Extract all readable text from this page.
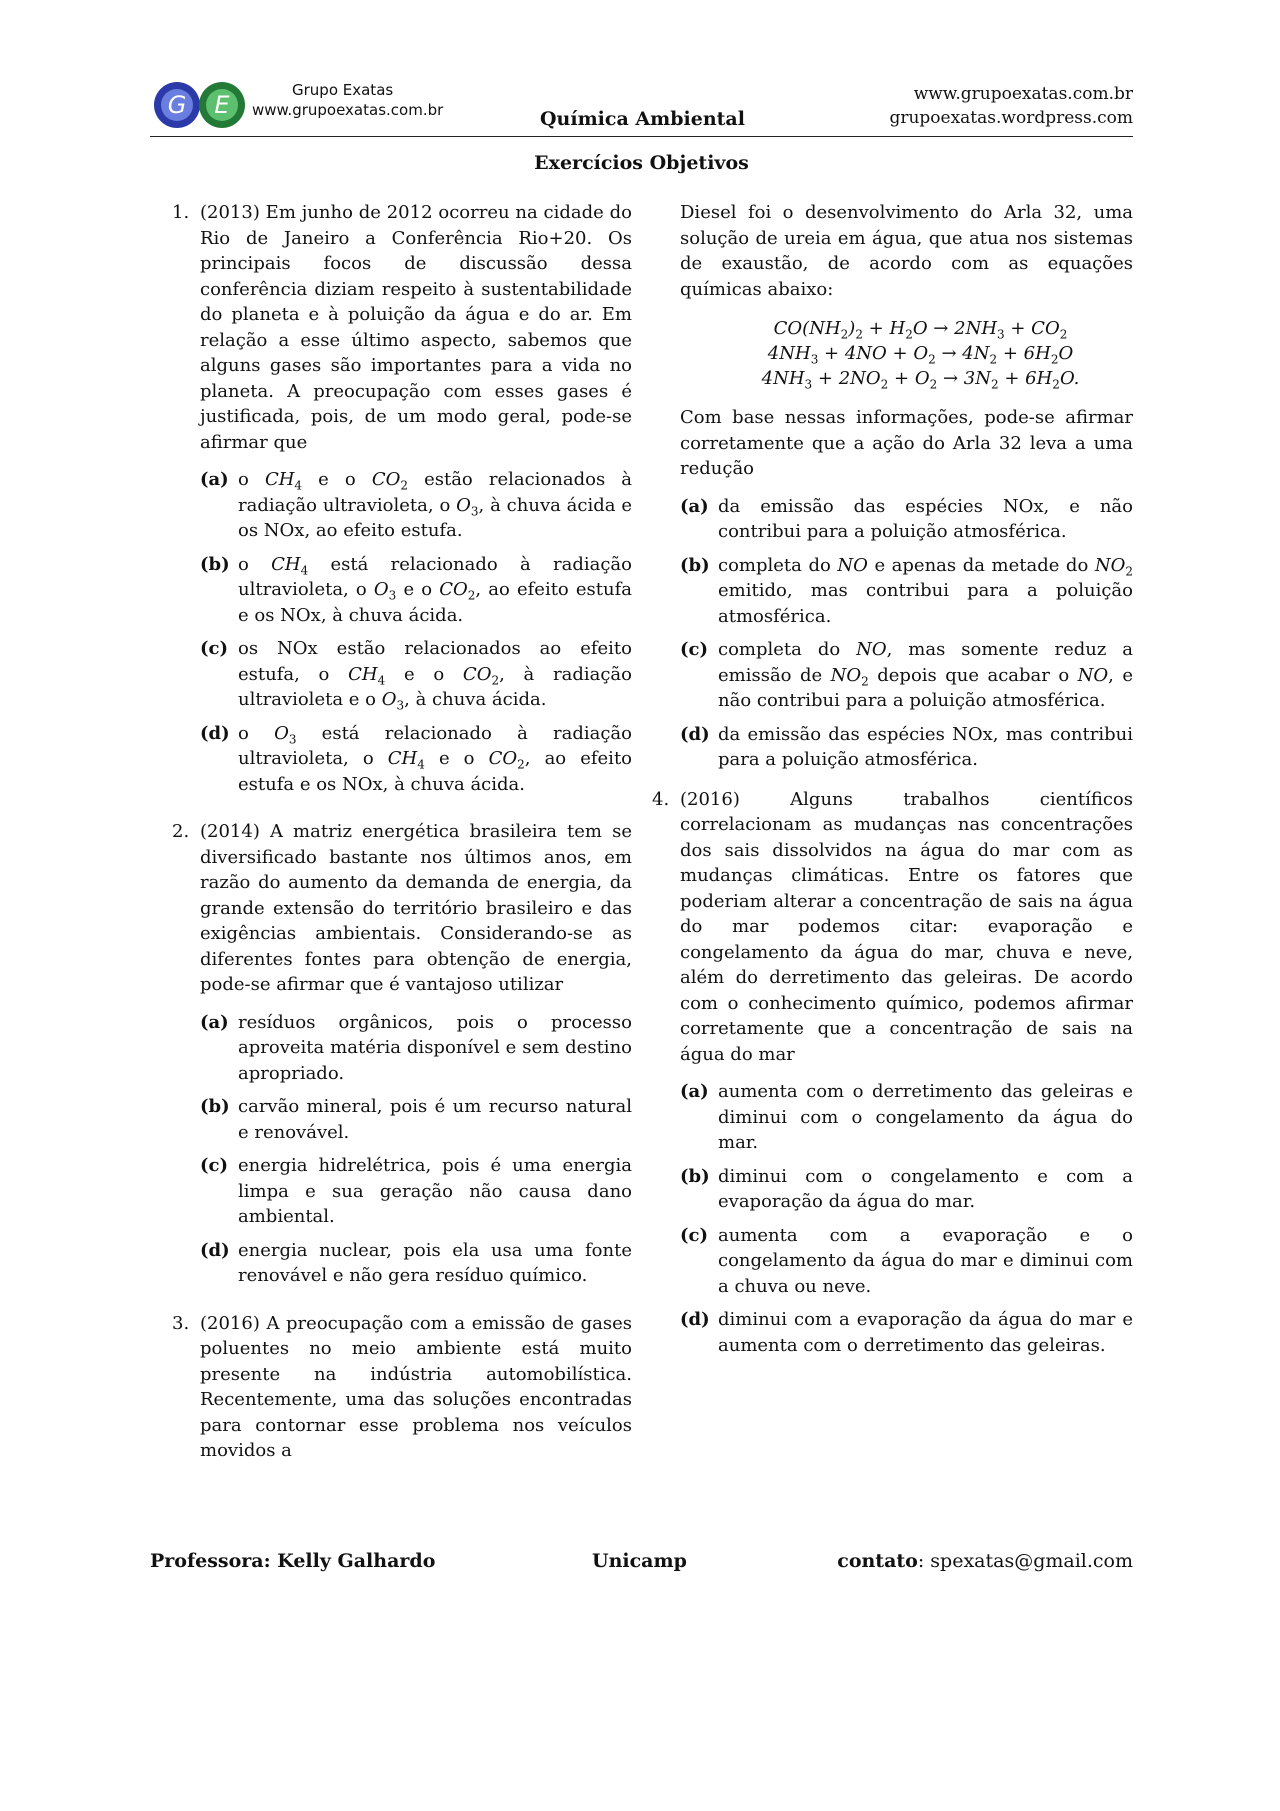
G E
Grupo Exatas
www.grupoexatas.com.br	Química Ambiental
www.grupoexatas.com.br
grupoexatas.wordpress.com
Exercícios Objetivos
1. (2013) Em junho de 2012 ocorreu na cidade do Rio de Janeiro a Conferência Rio+20. Os principais focos de discussão dessa conferência diziam respeito à sustentabilidade do planeta e à poluição da água e do ar. Em relação a esse último aspecto, sabemos que alguns gases são importantes para a vida no planeta. A preocupação com esses gases é justificada, pois, de um modo geral, pode-se afirmar que
(a) o $CH_4$ e o $CO_2$ estão relacionados à radiação ultravioleta, o $O_3$, à chuva ácida e os NOx, ao efeito estufa.
(b) o $CH_4$ está relacionado à radiação ultravioleta, o $O_3$ e o $CO_2$, ao efeito estufa e os NOx, à chuva ácida.
(c) os NOx estão relacionados ao efeito estufa, o $CH_4$ e o $CO_2$, à radiação ultravioleta e o $O_3$, à chuva ácida.
(d) o $O_3$ está relacionado à radiação ultravioleta, o $CH_4$ e o $CO_2$, ao efeito estufa e os NOx, à chuva ácida.
2. (2014) A matriz energética brasileira tem se diversificado bastante nos últimos anos, em razão do aumento da demanda de energia, da grande extensão do território brasileiro e das exigências ambientais. Considerando-se as diferentes fontes para obtenção de energia, pode-se afirmar que é vantajoso utilizar
(a) resíduos orgânicos, pois o processo aproveita matéria disponível e sem destino apropriado.
(b) carvão mineral, pois é um recurso natural e renovável.
(c) energia hidrelétrica, pois é uma energia limpa e sua geração não causa dano ambiental.
(d) energia nuclear, pois ela usa uma fonte renovável e não gera resíduo químico.
3. (2016) A preocupação com a emissão de gases poluentes no meio ambiente está muito presente na indústria automobilística. Recentemente, uma das soluções encontradas para contornar esse problema nos veículos movidos a
Diesel foi o desenvolvimento do Arla 32, uma solução de ureia em água, que atua nos sistemas de exaustão, de acordo com as equações químicas abaixo:
$CO(NH_2)_2 + H_2O \to 2NH_3 + CO_2$
$4NH_3 + 4NO + O_2 \to 4N_2 + 6H_2O$
$4NH_3 + 2NO_2 + O_2 \to 3N_2 + 6H_2O$.
Com base nessas informações, pode-se afirmar corretamente que a ação do Arla 32 leva a uma redução
(a) da emissão das espécies NOx, e não contribui para a poluição atmosférica.
(b) completa do NO e apenas da metade do $NO_2$ emitido, mas contribui para a poluição atmosférica.
(c) completa do NO, mas somente reduz a emissão de $NO_2$ depois que acabar o NO, e não contribui para a poluição atmosférica.
(d) da emissão das espécies NOx, mas contribui para a poluição atmosférica.
4. (2016) Alguns trabalhos científicos correlacionam as mudanças nas concentrações dos sais dissolvidos na água do mar com as mudanças climáticas. Entre os fatores que poderiam alterar a concentração de sais na água do mar podemos citar: evaporação e congelamento da água do mar, chuva e neve, além do derretimento das geleiras. De acordo com o conhecimento químico, podemos afirmar corretamente que a concentração de sais na água do mar
(a) aumenta com o derretimento das geleiras e diminui com o congelamento da água do mar.
(b) diminui com o congelamento e com a evaporação da água do mar.
(c) aumenta com a evaporação e o congelamento da água do mar e diminui com a chuva ou neve.
(d) diminui com a evaporação da água do mar e aumenta com o derretimento das geleiras.
Professora: Kelly Galhardo	Unicamp	contato: spexatas@gmail.com
